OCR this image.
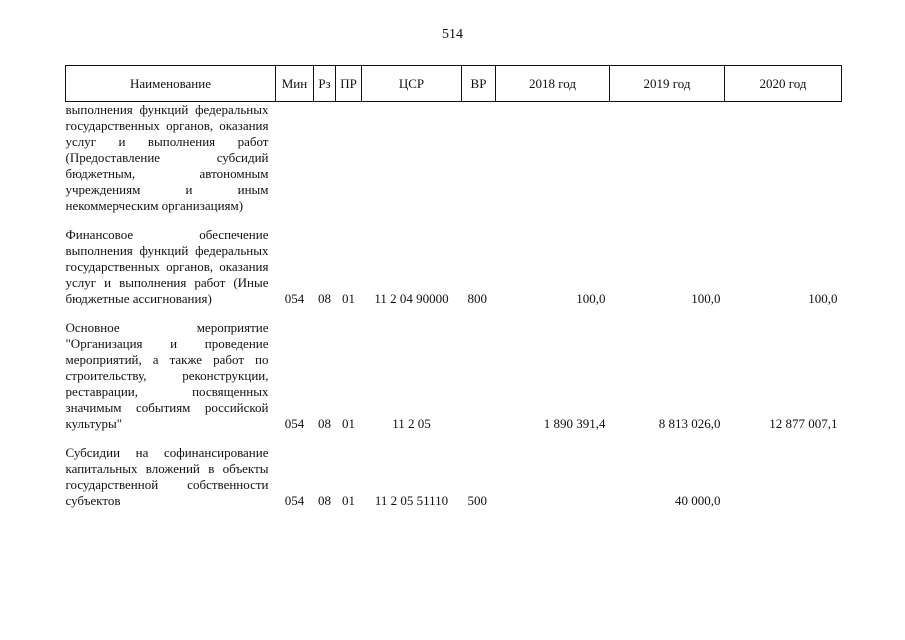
514
Наименование	Мин	Рз	ПР	ЦСР	ВР	2018 год	2019 год	2020 год

выполнения функций федеральных государственных органов, оказания услуг и выполнения работ (Предоставление субсидий бюджетным, автономным учреждениям и иным некоммерческим организациям)								

Финансовое обеспечение выполнения функций федеральных государственных органов, оказания услуг и выполнения работ (Иные бюджетные ассигнования)	054	08	01	11 2 04 90000	800	100,0	100,0	100,0

Основное мероприятие "Организация и проведение мероприятий, а также работ по строительству, реконструкции, реставрации, посвященных значимым событиям российской культуры"	054	08	01	11 2 05		1 890 391,4	8 813 026,0	12 877 007,1

Субсидии на софинансирование капитальных вложений в объекты государственной собственности субъектов	054	08	01	11 2 05 51110	500		40 000,0	
